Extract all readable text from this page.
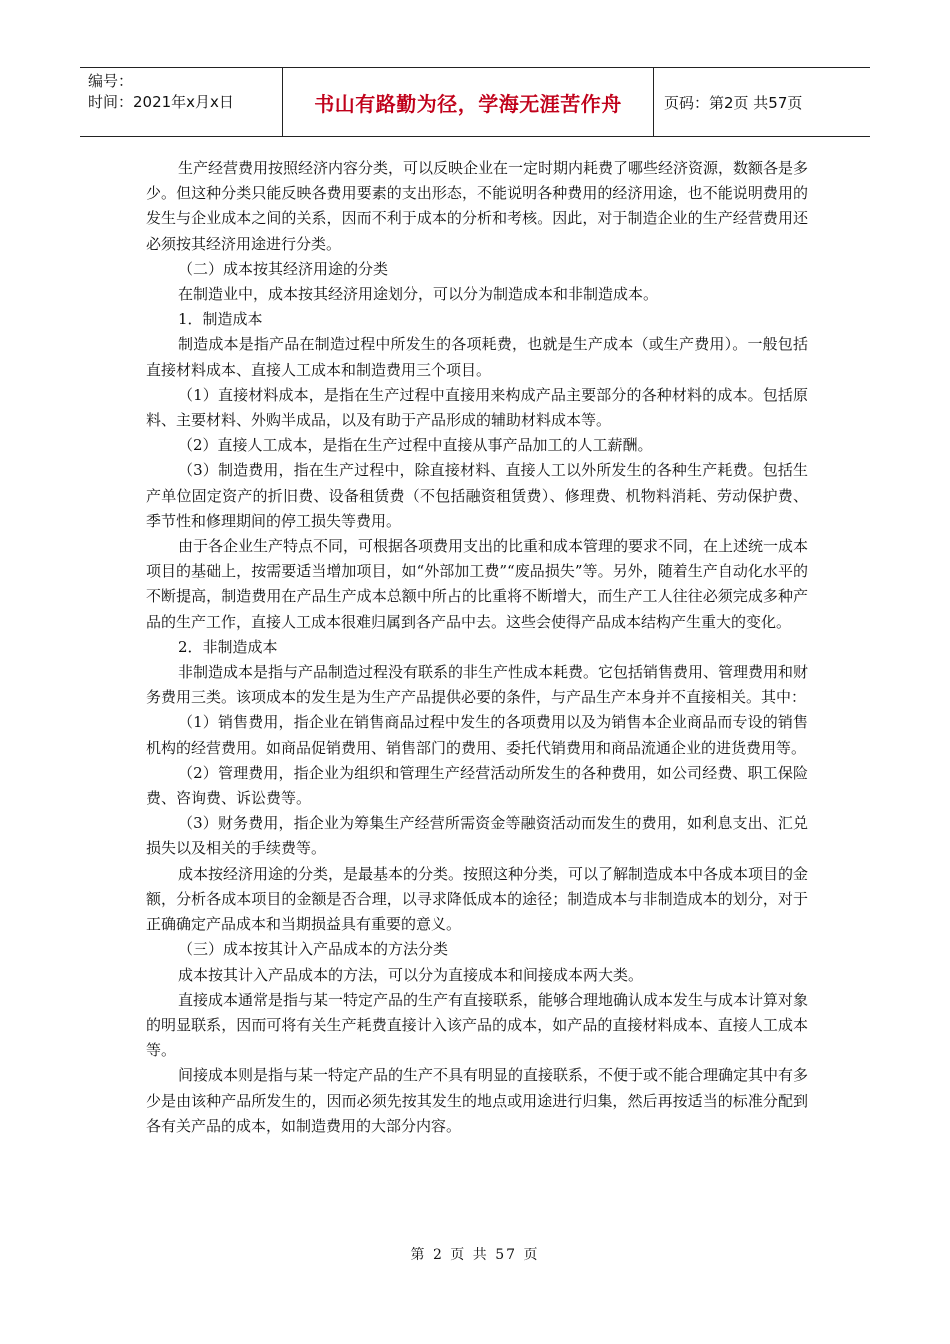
编号：
时间：2021年x月x日	书山有路勤为径，学海无涯苦作舟	页码：第2页 共57页

生产经营费用按照经济内容分类，可以反映企业在一定时期内耗费了哪些经济资源，数额各是多少。但这种分类只能反映各费用要素的支出形态，不能说明各种费用的经济用途，也不能说明费用的发生与企业成本之间的关系，因而不利于成本的分析和考核。因此，对于制造企业的生产经营费用还必须按其经济用途进行分类。

（二）成本按其经济用途的分类

在制造业中，成本按其经济用途划分，可以分为制造成本和非制造成本。

1．制造成本

制造成本是指产品在制造过程中所发生的各项耗费，也就是生产成本（或生产费用）。一般包括直接材料成本、直接人工成本和制造费用三个项目。

（1）直接材料成本，是指在生产过程中直接用来构成产品主要部分的各种材料的成本。包括原料、主要材料、外购半成品，以及有助于产品形成的辅助材料成本等。

（2）直接人工成本，是指在生产过程中直接从事产品加工的人工薪酬。

（3）制造费用，指在生产过程中，除直接材料、直接人工以外所发生的各种生产耗费。包括生产单位固定资产的折旧费、设备租赁费（不包括融资租赁费）、修理费、机物料消耗、劳动保护费、季节性和修理期间的停工损失等费用。

由于各企业生产特点不同，可根据各项费用支出的比重和成本管理的要求不同，在上述统一成本项目的基础上，按需要适当增加项目，如“外部加工费”“废品损失”等。另外，随着生产自动化水平的不断提高，制造费用在产品生产成本总额中所占的比重将不断增大，而生产工人往往必须完成多种产品的生产工作，直接人工成本很难归属到各产品中去。这些会使得产品成本结构产生重大的变化。

2．非制造成本

非制造成本是指与产品制造过程没有联系的非生产性成本耗费。它包括销售费用、管理费用和财务费用三类。该项成本的发生是为生产产品提供必要的条件，与产品生产本身并不直接相关。其中：

（1）销售费用，指企业在销售商品过程中发生的各项费用以及为销售本企业商品而专设的销售机构的经营费用。如商品促销费用、销售部门的费用、委托代销费用和商品流通企业的进货费用等。

（2）管理费用，指企业为组织和管理生产经营活动所发生的各种费用，如公司经费、职工保险费、咨询费、诉讼费等。

（3）财务费用，指企业为筹集生产经营所需资金等融资活动而发生的费用，如利息支出、汇兑损失以及相关的手续费等。

成本按经济用途的分类，是最基本的分类。按照这种分类，可以了解制造成本中各成本项目的金额，分析各成本项目的金额是否合理，以寻求降低成本的途径；制造成本与非制造成本的划分，对于正确确定产品成本和当期损益具有重要的意义。

（三）成本按其计入产品成本的方法分类

成本按其计入产品成本的方法，可以分为直接成本和间接成本两大类。

直接成本通常是指与某一特定产品的生产有直接联系，能够合理地确认成本发生与成本计算对象的明显联系，因而可将有关生产耗费直接计入该产品的成本，如产品的直接材料成本、直接人工成本等。

间接成本则是指与某一特定产品的生产不具有明显的直接联系，不便于或不能合理确定其中有多少是由该种产品所发生的，因而必须先按其发生的地点或用途进行归集，然后再按适当的标准分配到各有关产品的成本，如制造费用的大部分内容。

第 2 页 共 57 页
